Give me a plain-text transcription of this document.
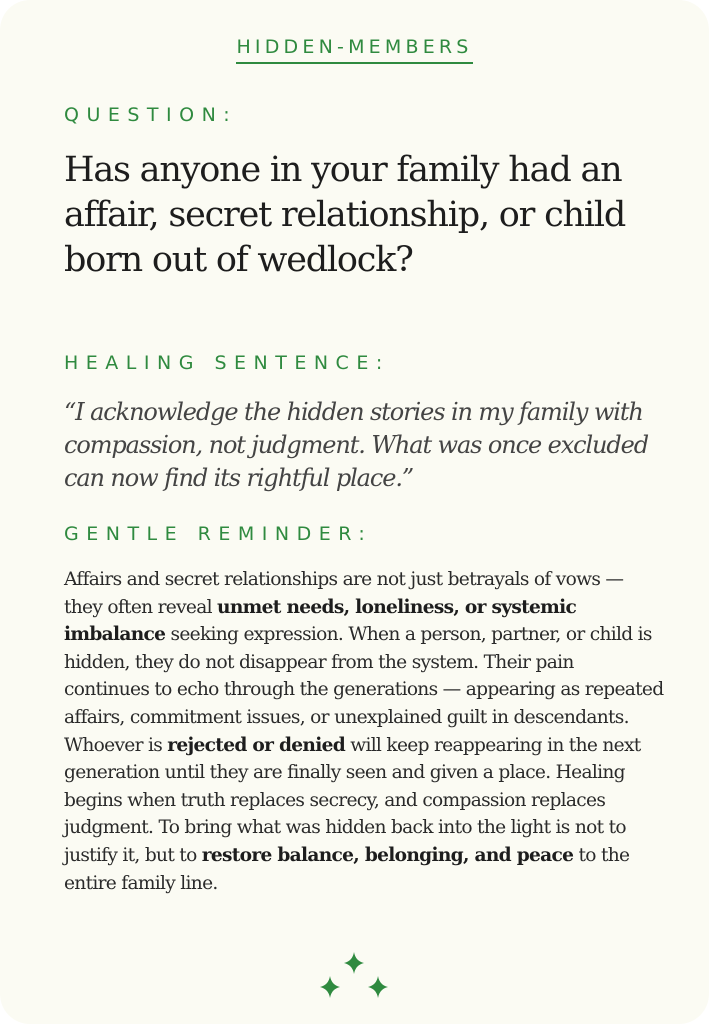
HIDDEN-MEMBERS
QUESTION:
Has anyone in your family had an affair, secret relationship, or child born out of wedlock?
HEALING SENTENCE:

“I acknowledge the hidden stories in my family with compassion, not judgment. What was once excluded can now find its rightful place.”

GENTLE REMINDER:

Affairs and secret relationships are not just betrayals of vows — they often reveal unmet needs, loneliness, or systemic imbalance seeking expression. When a person, partner, or child is hidden, they do not disappear from the system. Their pain continues to echo through the generations — appearing as repeated affairs, commitment issues, or unexplained guilt in descendants. Whoever is rejected or denied will keep reappearing in the next generation until they are finally seen and given a place. Healing begins when truth replaces secrecy, and compassion replaces judgment. To bring what was hidden back into the light is not to justify it, but to restore balance, belonging, and peace to the entire family line.
